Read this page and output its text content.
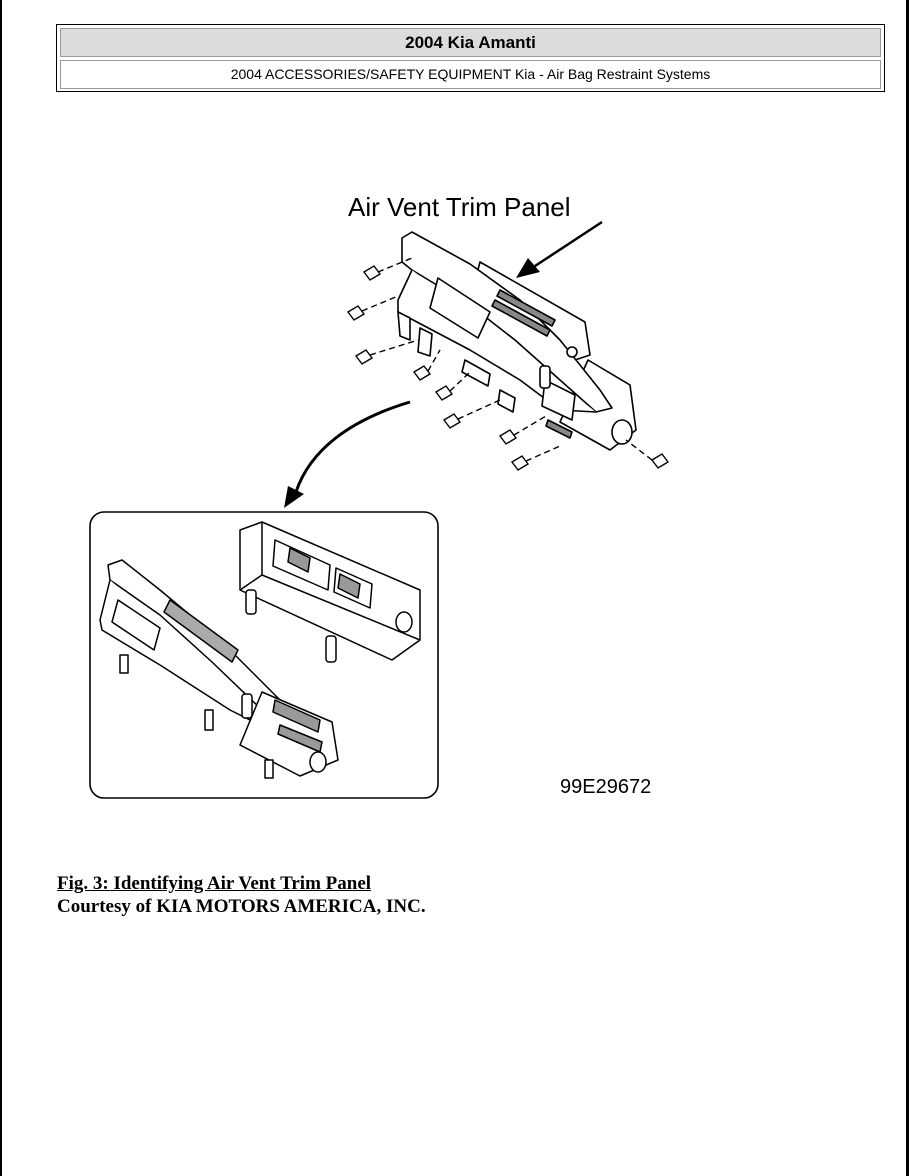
2004 Kia Amanti
2004 ACCESSORIES/SAFETY EQUIPMENT Kia - Air Bag Restraint Systems
Air Vent Trim Panel
99E29672
Fig. 3: Identifying Air Vent Trim Panel
Courtesy of KIA MOTORS AMERICA, INC.
